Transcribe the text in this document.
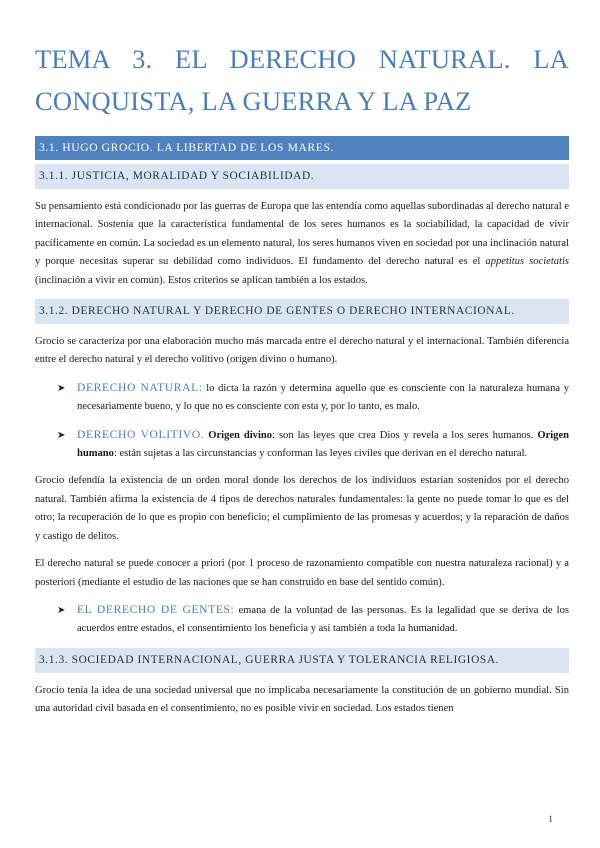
TEMA 3. EL DERECHO NATURAL. LA
CONQUISTA, LA GUERRA Y LA PAZ
3.1. HUGO GROCIO. LA LIBERTAD DE LOS MARES.
3.1.1. JUSTICIA, MORALIDAD Y SOCIABILIDAD.

Su pensamiento está condicionado por las guerras de Europa que las entendía como aquellas subordinadas al derecho natural e internacional. Sostenía que la característica fundamental de los seres humanos es la sociabilidad, la capacidad de vivir pacíficamente en común. La sociedad es un elemento natural, los seres humanos viven en sociedad por una inclinación natural y porque necesitas superar su debilidad como individuos. El fundamento del derecho natural es el appetitus societatis (inclinación a vivir en común). Estos criterios se aplican también a los estados.

3.1.2. DERECHO NATURAL Y DERECHO DE GENTES O DERECHO INTERNACIONAL.

Grocio se caracteriza por una elaboración mucho más marcada entre el derecho natural y el internacional. También diferencia entre el derecho natural y el derecho volitivo (origen divino o humano).

➤ DERECHO NATURAL: lo dicta la razón y determina aquello que es consciente con la naturaleza humana y necesariamente bueno, y lo que no es consciente con esta y, por lo tanto, es malo.
➤ DERECHO VOLITIVO. Origen divino: son las leyes que crea Dios y revela a los seres humanos. Origen humano: están sujetas a las circunstancias y conforman las leyes civiles que derivan en el derecho natural.

Grocio defendía la existencia de un orden moral donde los derechos de los individuos estarían sostenidos por el derecho natural. También afirma la existencia de 4 tipos de derechos naturales fundamentales: la gente no puede tomar lo que es del otro; la recuperación de lo que es propio con beneficio; el cumplimiento de las promesas y acuerdos; y la reparación de daños y castigo de delitos.

El derecho natural se puede conocer a priori (por 1 proceso de razonamiento compatible con nuestra naturaleza racional) y a posteriori (mediante el estudio de las naciones que se han construido en base del sentido común).

➤ EL DERECHO DE GENTES: emana de la voluntad de las personas. Es la legalidad que se deriva de los acuerdos entre estados, el consentimiento los beneficia y así también a toda la humanidad.
3.1.3. SOCIEDAD INTERNACIONAL, GUERRA JUSTA Y TOLERANCIA RELIGIOSA.

Grocio tenía la idea de una sociedad universal que no implicaba necesariamente la constitución de un gobierno mundial. Sin una autoridad civil basada en el consentimiento, no es posible vivir en sociedad. Los estados tienen

1
